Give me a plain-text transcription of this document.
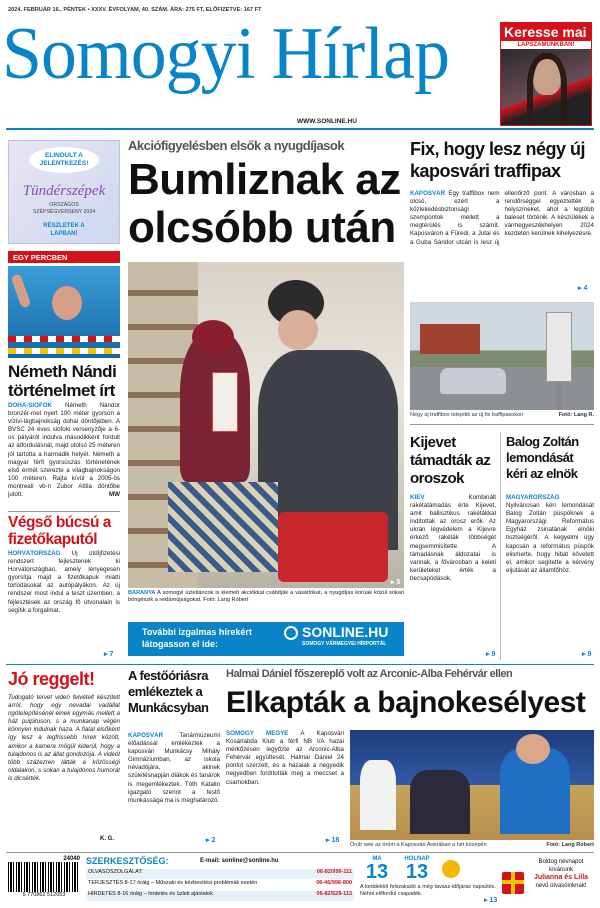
2024. FEBRUÁR 16., PÉNTEK • XXXV. ÉVFOLYAM, 40. SZÁM. ÁRA: 275 FT, ELŐFIZETVE: 167 FT
Somogyi Hírlap
WWW.SONLINE.HU
Keresse mai
LAPSZÁMUNKBAN!
ELINDULT A JELENTKEZÉS!
Tündérszépek
ORSZÁGOS SZÉPSÉGVERSENY 2024
RÉSZLETEK A LAPBAN!
EGY PERCBEN
Németh Nándi történelmet írt
DOHA-SIÓFOK Németh Nándor bronzér-met nyert 100 méter gyorson a vízivi-lágbajnokság dohai döntőjében. A BVSC 24 éves siófoki versenyzője a 6-os pályáról indulva másodikként fordult az átfordulásnál, majd utolsó 25 méteren jól tartotta a harmadik helyét. Németh a magyar férfi gyorsúszás történetének első érmét szerezte a világbajnokságon 100 méteren. Rajta kívül a 2005-ös montreali vb-n Zubor Attila döntőbe jutott.	MW
Végső búcsú a fizetőkaputól
HORVÁTORSZÁG Új útdíjfizetési rendszert fejlesztenek ki Horvátországban, amely lényegesen gyorsítja majd a fizetőkapuk miatti torlódásokat az autópályákon. Az új rendszer most indul a teszt üzemben, a fejlesztések az ország fő útvonalain is segítik a forgalmat.
▸ 7
Akciófigyelésben elsők a nyugdíjasok
Bumliznak az olcsóbb után
▸ 5
BARANYA A somogyi üzletláncok is kiemelt akciókkal csábítják a vásárlókat, a nyugdíjas korúak közül sokan böngészik a reklámújságokat. Fotó: Lang Róbert
További izgalmas hírekért
látogasson el ide:
SONLINE.HU
SOMOGY VÁRMEGYEI HÍRPORTÁL
Fix, hogy lesz négy új kaposvári traffipax
KAPOSVÁR Egy traffibox nem olcsó, ezért a közlekedésbiztonsági szempontok mellett a megtérülés is számít. Kaposváron a Füredi, a Jutai és a Guba Sándor utcán is lesz új ellenőrző pont. A városban a rendőrséggel egyeztették a helyszíneket, ahol a legtöbb baleset történik. A készülékek a vármegyeszékhelyen 2024 kezdetén kerülnek kihelyezésre.
▸ 4
Négy új traffibox telepítik az új fix traffipaxokon	Fotó: Lang R.
Kijevet támadták az oroszok
KIEV	Kombinált rakétatámadás érte Kijevet, amit ballisztikus rakétákkal indítottak az orosz erők. Az ukrán légvédelem a Kijevre érkező rakéták többségét megsemmisítette. A támadásnak áldozatai is vannak, a fővárosban a keleti kerületeket érték a becsapódások.
▸ 9
Balog Zoltán lemondását kéri az elnök
MAGYARORSZÁG Nyilvánosan kéri lemondását Balog Zoltán püspöknek a Magyarországi Református Egyház zsinatának elnöki tisztségéről. A kegyelmi ügy kapcsán a református püspök elismerte, hogy hibát követett el, amikor segítette a kérvény eljutását az államfőhöz.
▸ 9
Jó reggelt!
Tudogató tervet videó felvételt készített arról, hogy egy nevadai vadállat rigótelepítésénél élnek egymás mellett a ház pulpituson, s a munkanap végén könnyen indulnak haza. A fiatal elsőként így lesz a legfrissebb hírek között, amikor a kamera mögül kiderül, hogy a tulajdonos is az állat gondozója. A videót több százezren látták a közösségi oldalakon, s sokan a tulajdonos humorát is dicsérték.
K. G.
A festőóriásra emlékeztek a Munkácsyban
KAPOSVÁR	Tanármúzeumi előadással emlékeztek a kaposvári Munkácsy Mihály Gimnáziumban, az iskola névadójára, akinek születésnapján diákok és tanárok is megemlékeztek. Tóth Katalin igazgató szerint a festő munkássága ma is meghatározó.
▸ 2
Halmai Dániel főszereplő volt az Arconic-Alba Fehérvár ellen
Elkapták a bajnokesélyest
SOMOGY MEGYE A Kaposvári Kosárlabda Klub a férfi NB I/A hazai mérkőzésén legyőzte az Arconic-Alba Fehérvár együttesét. Halmai Dániel 24 pontot szerzett, és a hazaiak a negyedik negyedben fordították meg a meccset a csarnokban.
▸ 18
Örült vele az öröm a Kaposvári Arénában a hét közepén	Fotó: Lang Róbert
24040
5 770862 512053
SZERKESZTŐSÉG:	E-mail: sonline@sonline.hu
OLVASÓSZOLGÁLAT:	06-82/999-111
TERJESZTÉS 8-17 óráig – Műszaki és kézbesítési problémák esetén	06-46/998-800
HIRDETÉS 8-16 óráig – hirdetés és üzleti ajánlatok	06-82/528-113
MA
13
HOLNAP
13
A keddektól felszakadó a még tavasz-időjárás napsütés. Néhol előfordul csapadék.
▸ 13
Boldog névnapot kívánunk
Julianna és Lilla
nevű olvasóinknak!
